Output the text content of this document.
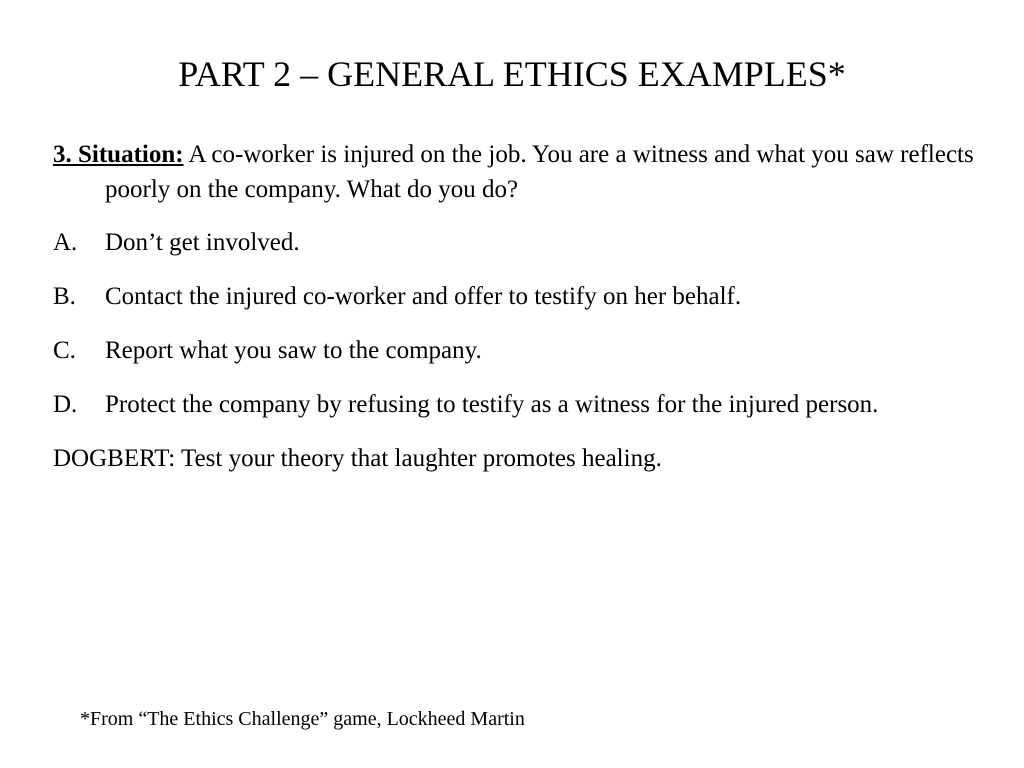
PART 2 – GENERAL ETHICS EXAMPLES*

3. Situation: A co-worker is injured on the job. You are a witness and what you saw reflects poorly on the company. What do you do?

A.	Don’t get involved.
B.	Contact the injured co-worker and offer to testify on her behalf.
C.	Report what you saw to the company.
D.	Protect the company by refusing to testify as a witness for the injured person.

DOGBERT: Test your theory that laughter promotes healing.

*From “The Ethics Challenge” game, Lockheed Martin
